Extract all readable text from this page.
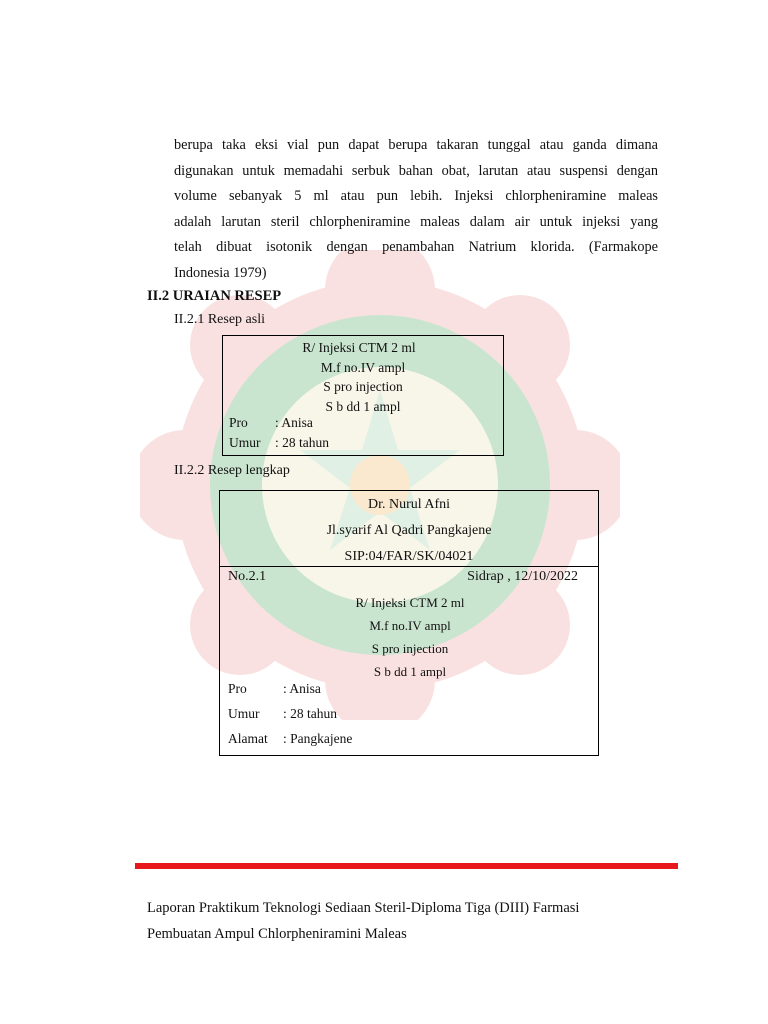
berupa taka eksi vial pun dapat berupa takaran tunggal atau ganda dimana
digunakan untuk memadahi serbuk bahan obat, larutan atau suspensi dengan
volume sebanyak 5 ml atau pun lebih. Injeksi chlorpheniramine maleas
adalah larutan steril chlorpheniramine maleas dalam air untuk injeksi yang
telah dibuat isotonik dengan penambahan Natrium klorida. (Farmakope
Indonesia 1979)
II.2 URAIAN RESEP
II.2.1 Resep asli
R/ Injeksi CTM 2 ml
M.f no.IV ampl
S pro injection
S b dd 1 ampl
Pro : Anisa
Umur : 28 tahun
II.2.2 Resep lengkap
Dr. Nurul Afni
Jl.syarif Al Qadri Pangkajene
SIP:04/FAR/SK/04021
No.2.1	Sidrap , 12/10/2022
R/ Injeksi CTM 2 ml
M.f no.IV ampl
S pro injection
S b dd 1 ampl
Pro	: Anisa
Umur : 28 tahun
Alamat : Pangkajene
Laporan Praktikum Teknologi Sediaan Steril-Diploma Tiga (DIII) Farmasi
Pembuatan Ampul Chlorpheniramini Maleas
